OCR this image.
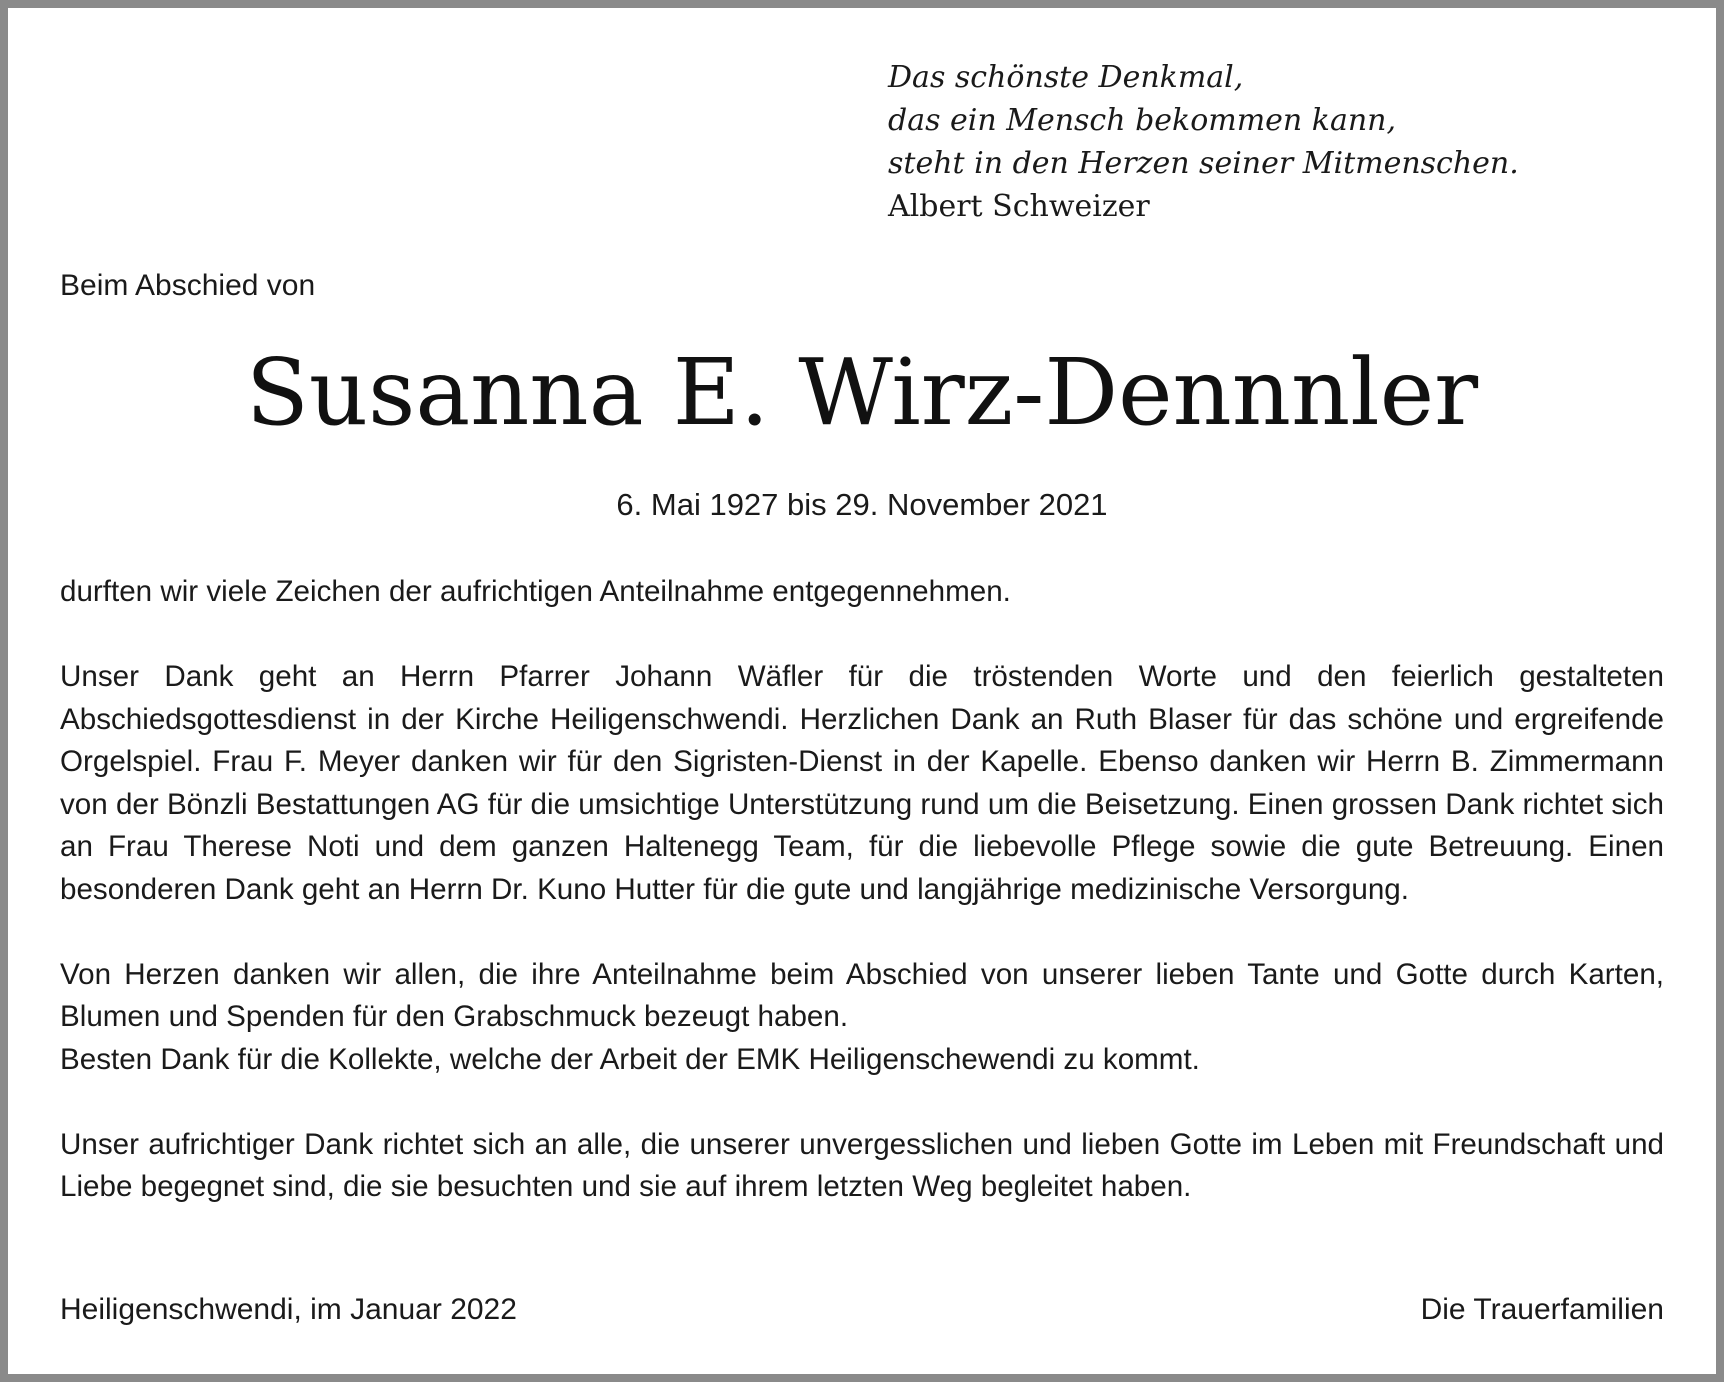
Das schönste Denkmal,
das ein Mensch bekommen kann,
steht in den Herzen seiner Mitmenschen.
Albert Schweizer
Beim Abschied von
Susanna E. Wirz-Dennnler
6. Mai 1927 bis 29. November 2021

durften wir viele Zeichen der aufrichtigen Anteilnahme entgegennehmen.

Unser Dank geht an Herrn Pfarrer Johann Wäfler für die tröstenden Worte und den feierlich gestalteten Abschiedsgottesdienst in der Kirche Heiligenschwendi. Herzlichen Dank an Ruth Blaser für das schöne und ergreifende Orgelspiel. Frau F. Meyer danken wir für den Sigristen-Dienst in der Kapelle. Ebenso danken wir Herrn B. Zimmermann von der Bönzli Bestattungen AG für die umsichtige Unterstützung rund um die Beisetzung. Einen grossen Dank richtet sich an Frau Therese Noti und dem ganzen Haltenegg Team, für die liebevolle Pflege sowie die gute Betreuung. Einen besonderen Dank geht an Herrn Dr. Kuno Hutter für die gute und langjährige medizinische Versorgung.

Von Herzen danken wir allen, die ihre Anteilnahme beim Abschied von unserer lieben Tante und Gotte durch Karten, Blumen und Spenden für den Grabschmuck bezeugt haben.
Besten Dank für die Kollekte, welche der Arbeit der EMK Heiligenschewendi zu kommt.

Unser aufrichtiger Dank richtet sich an alle, die unserer unvergesslichen und lieben Gotte im Leben mit Freundschaft und Liebe begegnet sind, die sie besuchten und sie auf ihrem letzten Weg begleitet haben.

Heiligenschwendi, im Januar 2022	Die Trauerfamilien
